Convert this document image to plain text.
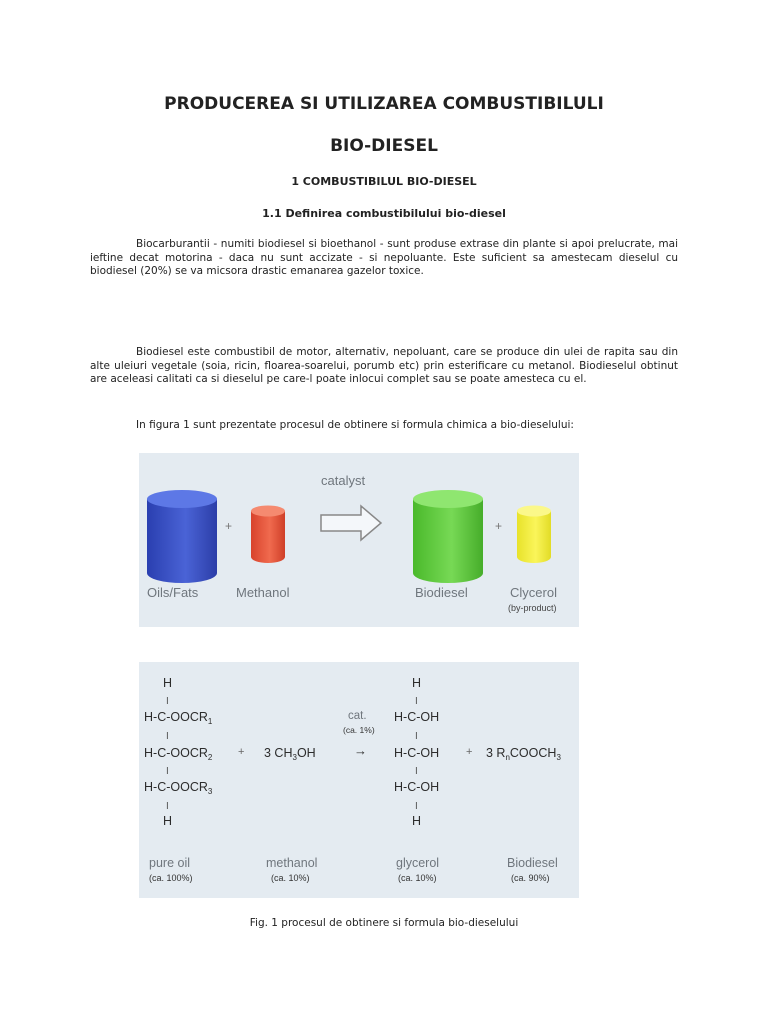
PRODUCEREA SI UTILIZAREA COMBUSTIBILULI
BIO-DIESEL
1 COMBUSTIBILUL BIO-DIESEL
1.1 Definirea combustibilului bio-diesel

Biocarburantii - numiti biodiesel si bioethanol - sunt produse extrase din plante si apoi prelucrate, mai ieftine decat motorina - daca nu sunt accizate - si nepoluante. Este suficient sa amestecam dieselul cu biodiesel (20%) se va micsora drastic emanarea gazelor toxice.

Biodiesel este combustibil de motor, alternativ, nepoluant, care se produce din ulei de rapita sau din alte uleiuri vegetale (soia, ricin, floarea-soarelui, porumb etc) prin esterificare cu metanol. Biodieselul obtinut are aceleasi calitati ca si dieselul pe care-l poate inlocui complet sau se poate amesteca cu el.

In figura 1 sunt prezentate procesul de obtinere si formula chimica a bio-dieselului:

+
catalyst
+
Oils/Fats	Methanol	Biodiesel	Clycerol
(by-product)
H
I
$H-C-OOCR_1$
I
$H-C-OOCR_2$
I
$H-C-OOCR_3$
I
H
+ 3 $CH_3OH$
cat.
(ca. 1%)
→
H
I
H-C-OH
I
H-C-OH
I
H-C-OH
I
H
+ 3 $R_nCOOCH_3$
pure oil
(ca. 100%)
methanol
(ca. 10%)
glycerol
(ca. 10%)
Biodiesel
(ca. 90%)

Fig. 1 procesul de obtinere si formula bio-dieselului
